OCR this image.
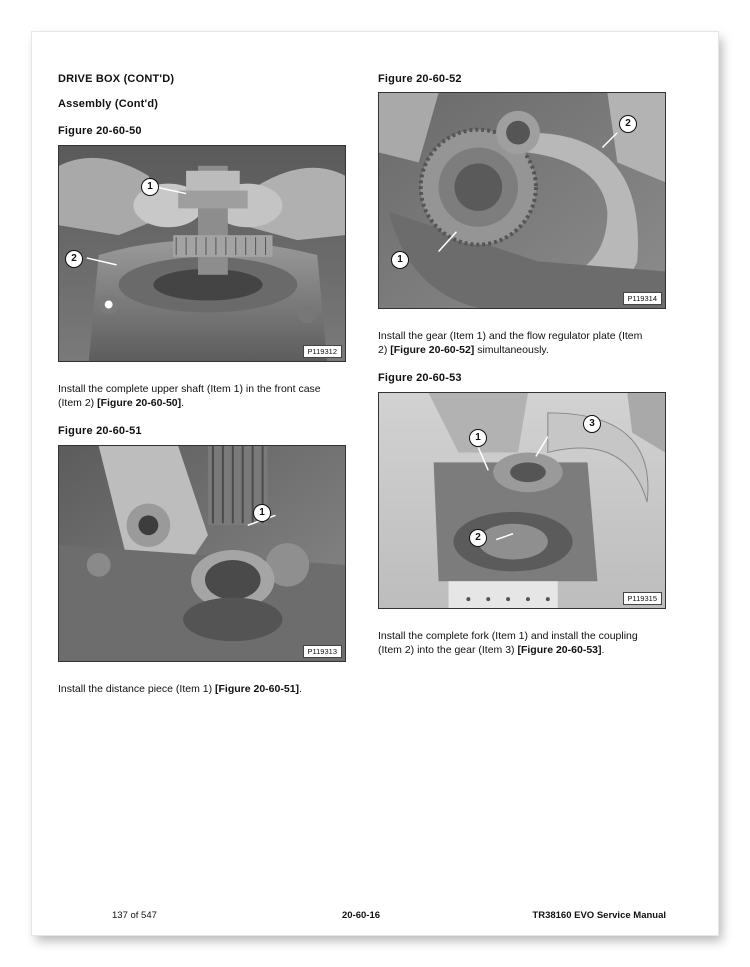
DRIVE BOX (CONT'D)
Assembly (Cont'd)
Figure 20-60-50
1
2
P119312
Install the complete upper shaft (Item 1) in the front case
(Item 2) [Figure 20-60-50].
Figure 20-60-51
1
P119313
Install the distance piece (Item 1) [Figure 20-60-51].
Figure 20-60-52
2
1
P119314
Install the gear (Item 1) and the flow regulator plate (Item
2) [Figure 20-60-52] simultaneously.
Figure 20-60-53
1
3
2
P119315
Install the complete fork (Item 1) and install the coupling
(Item 2) into the gear (Item 3) [Figure 20-60-53].
137 of 547	20-60-16	TR38160 EVO Service Manual
